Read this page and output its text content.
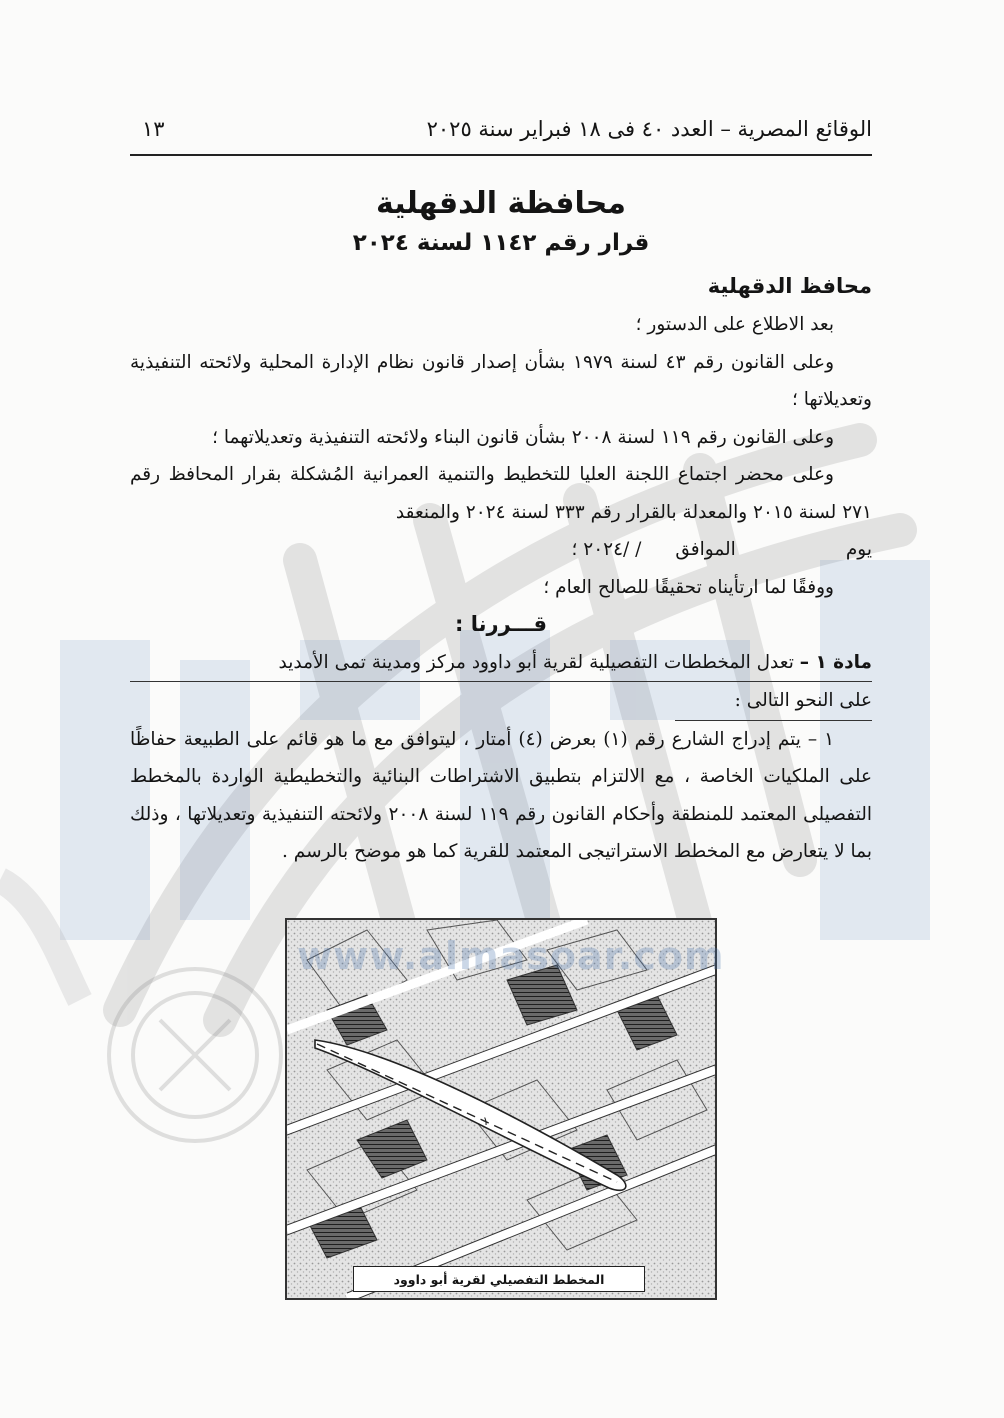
الوقائع المصرية – العدد ٤٠ فى ١٨ فبراير سنة ٢٠٢٥
١٣
محافظة الدقهلية
قرار رقم ١١٤٢ لسنة ٢٠٢٤
محافظ الدقهلية

بعد الاطلاع على الدستور ؛

وعلى القانون رقم ٤٣ لسنة ١٩٧٩ بشأن إصدار قانون نظام الإدارة المحلية ولائحته التنفيذية وتعديلاتها ؛

وعلى القانون رقم ١١٩ لسنة ٢٠٠٨ بشأن قانون البناء ولائحته التنفيذية وتعديلاتهما ؛

وعلى محضر اجتماع اللجنة العليا للتخطيط والتنمية العمرانية المُشكلة بقرار المحافظ رقم ٢٧١ لسنة ٢٠١٥ والمعدلة بالقرار رقم ٣٣٣ لسنة ٢٠٢٤ والمنعقد

يوم
الموافق
/ /٢٠٢٤ ؛

ووفقًا لما ارتأيناه تحقيقًا للصالح العام ؛

قـــررنا :

مادة ١ – تعدل المخططات التفصيلية لقرية أبو داوود مركز ومدينة تمى الأمديد

على النحو التالى :

١ – يتم إدراج الشارع رقم (١) بعرض (٤) أمتار ، ليتوافق مع ما هو قائم على الطبيعة حفاظًا على الملكيات الخاصة ، مع الالتزام بتطبيق الاشتراطات البنائية والتخطيطية الواردة بالمخطط التفصيلى المعتمد للمنطقة وأحكام القانون رقم ١١٩ لسنة ٢٠٠٨ ولائحته التنفيذية وتعديلاتها ، وذلك بما لا يتعارض مع المخطط الاستراتيجى المعتمد للقرية كما هو موضح بالرسم .

١
www.almasoar.com
المخطط التفصيلي لقرية أبو داوود
